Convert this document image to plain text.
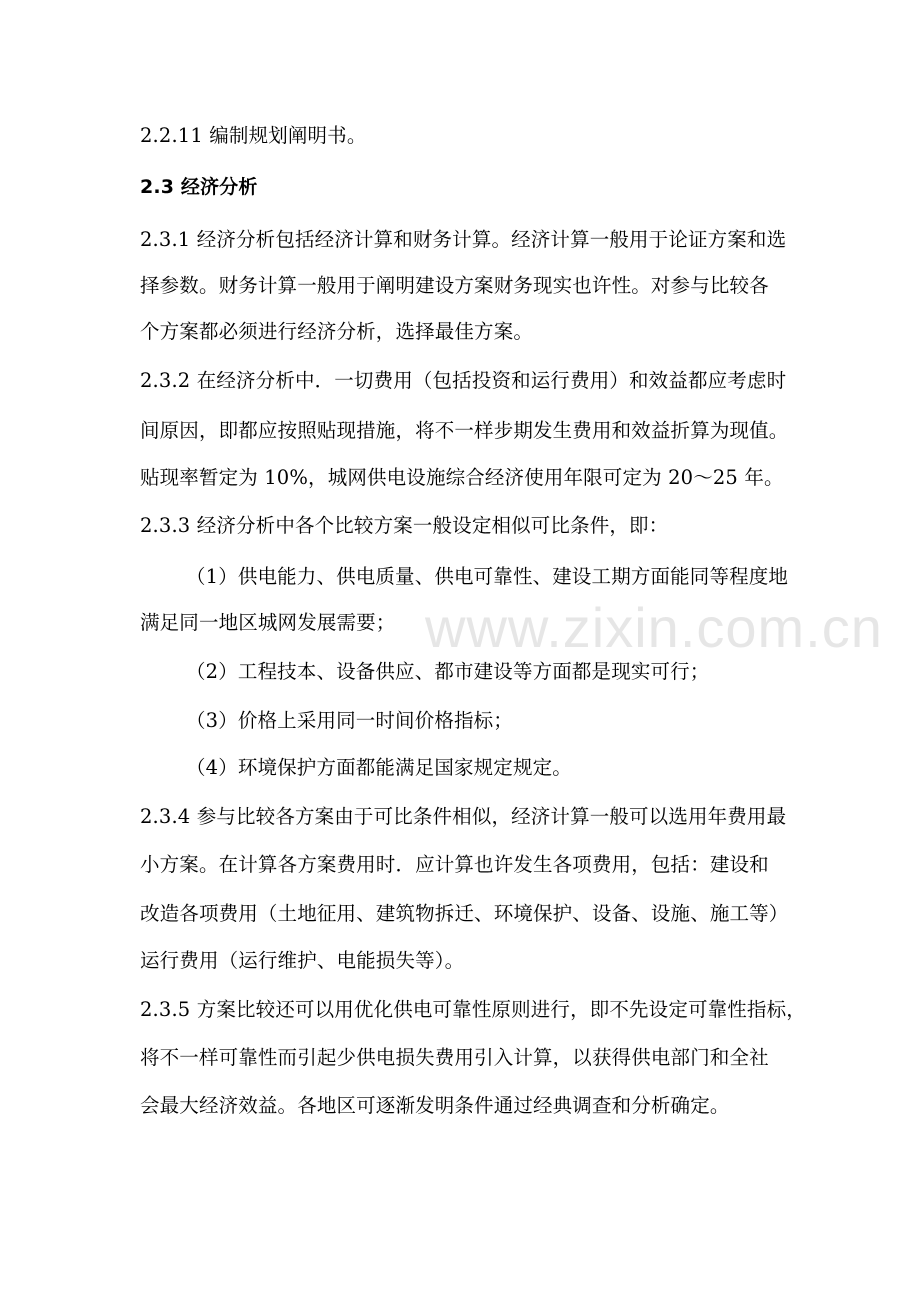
2.2.11 编制规划阐明书。
2.3 经济分析
2.3.1 经济分析包括经济计算和财务计算。经济计算一般用于论证方案和选
择参数。财务计算一般用于阐明建设方案财务现实也许性。对参与比较各
个方案都必须进行经济分析，选择最佳方案。
2.3.2 在经济分析中．一切费用（包括投资和运行费用）和效益都应考虑时
间原因，即都应按照贴现措施，将不一样步期发生费用和效益折算为现值。
贴现率暂定为 10%，城网供电设施综合经济使用年限可定为 20～25 年。
2.3.3 经济分析中各个比较方案一般设定相似可比条件，即：
（1）供电能力、供电质量、供电可靠性、建设工期方面能同等程度地
满足同一地区城网发展需要；
（2）工程技本、设备供应、都市建设等方面都是现实可行；
（3）价格上采用同一时间价格指标；
（4）环境保护方面都能满足国家规定规定。
2.3.4 参与比较各方案由于可比条件相似，经济计算一般可以选用年费用最
小方案。在计算各方案费用时．应计算也许发生各项费用，包括：建设和
改造各项费用（土地征用、建筑物拆迁、环境保护、设备、设施、施工等）
运行费用（运行维护、电能损失等）。
2.3.5 方案比较还可以用优化供电可靠性原则进行，即不先设定可靠性指标，
将不一样可靠性而引起少供电损失费用引入计算，以获得供电部门和全社
会最大经济效益。各地区可逐渐发明条件通过经典调查和分析确定。
www.zixin.com.cn
